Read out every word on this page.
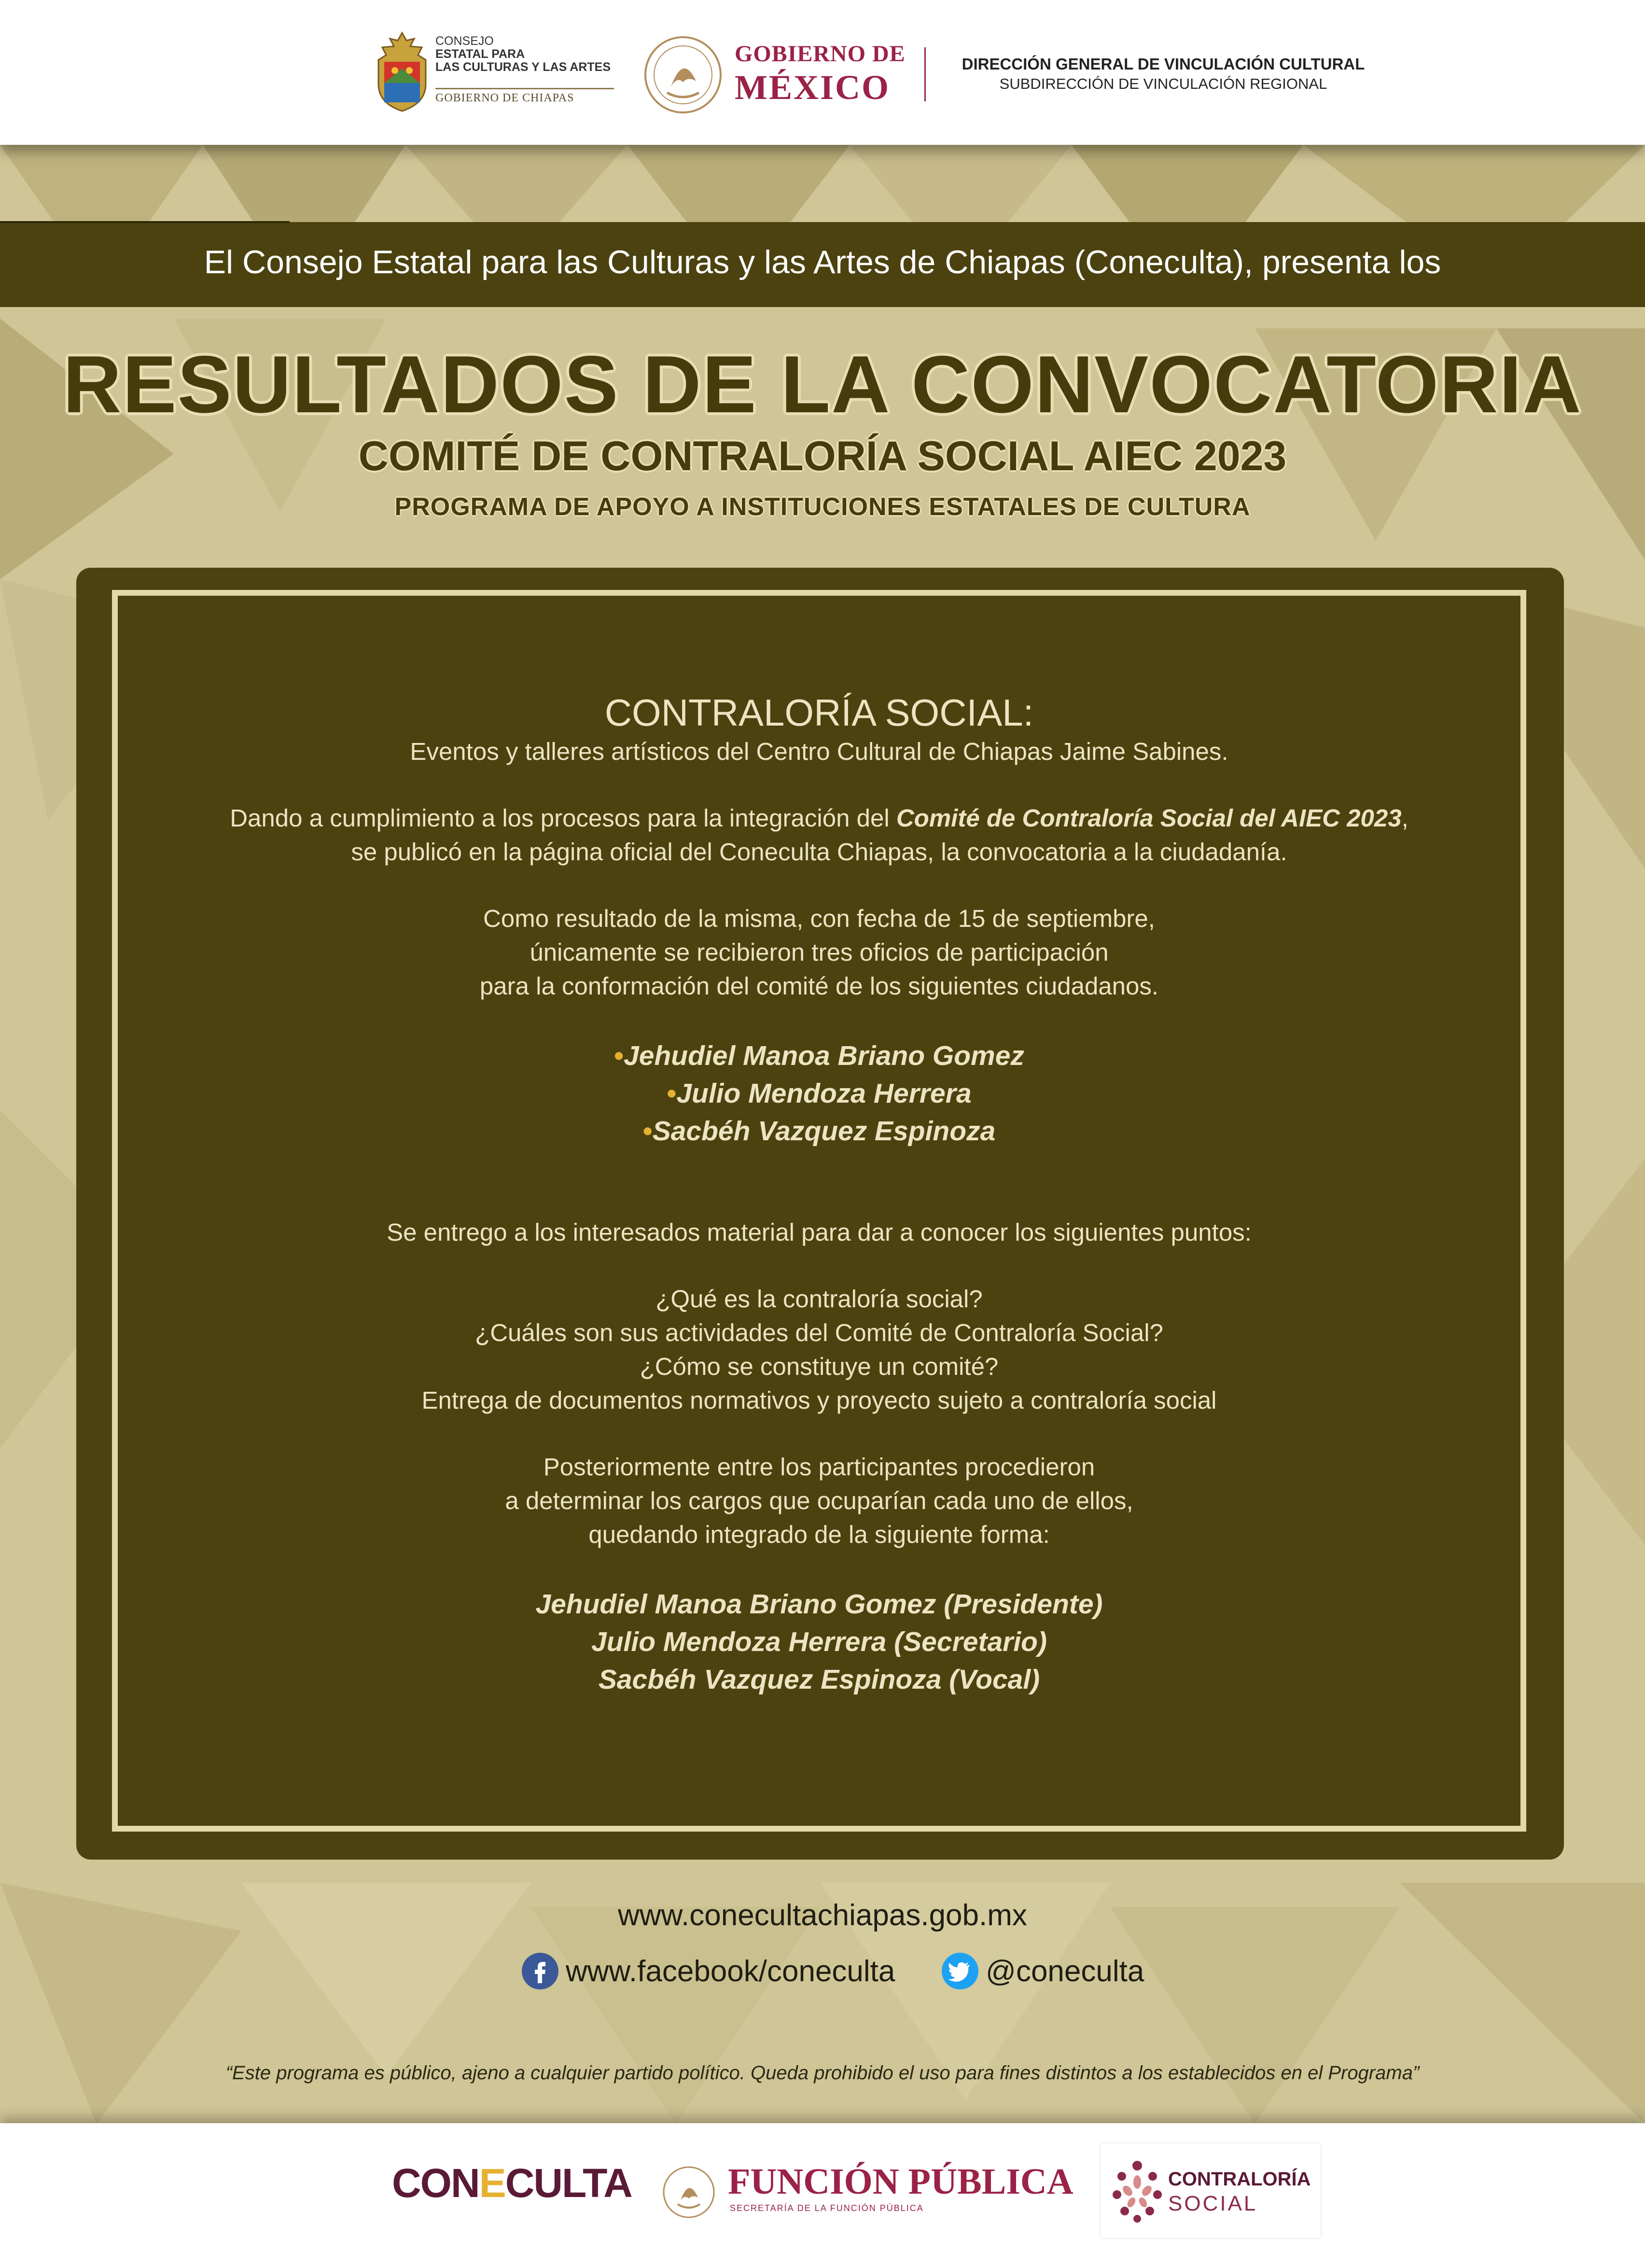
CONSEJO
ESTATAL PARA
LAS CULTURAS Y LAS ARTES
GOBIERNO DE CHIAPAS
GOBIERNO DE
MÉXICO
DIRECCIÓN GENERAL DE VINCULACIÓN CULTURAL
SUBDIRECCIÓN DE VINCULACIÓN REGIONAL
El Consejo Estatal para las Culturas y las Artes de Chiapas (Coneculta), presenta los
RESULTADOS DE LA CONVOCATORIA
COMITÉ DE CONTRALORÍA SOCIAL AIEC 2023
PROGRAMA DE APOYO A INSTITUCIONES ESTATALES DE CULTURA
CONTRALORÍA SOCIAL:
Eventos y talleres artísticos del Centro Cultural de Chiapas Jaime Sabines.
Dando a cumplimiento a los procesos para la integración del Comité de Contraloría Social del AIEC 2023,
se publicó en la página oficial del Coneculta Chiapas, la convocatoria a la ciudadanía.
Como resultado de la misma, con fecha de 15 de septiembre,
únicamente se recibieron tres oficios de participación
para la conformación del comité de los siguientes ciudadanos.
•Jehudiel Manoa Briano Gomez
•Julio Mendoza Herrera
•Sacbéh Vazquez Espinoza
Se entrego a los interesados material para dar a conocer los siguientes puntos:
¿Qué es la contraloría social?
¿Cuáles son sus actividades del Comité de Contraloría Social?
¿Cómo se constituye un comité?
Entrega de documentos normativos y proyecto sujeto a contraloría social
Posteriormente entre los participantes procedieron
a determinar los cargos que ocuparían cada uno de ellos,
quedando integrado de la siguiente forma:
Jehudiel Manoa Briano Gomez (Presidente)
Julio Mendoza Herrera (Secretario)
Sacbéh Vazquez Espinoza (Vocal)
www.conecultachiapas.gob.mx
www.facebook/coneculta	@coneculta
“Este programa es público, ajeno a cualquier partido político. Queda prohibido el uso para fines distintos a los establecidos en el Programa”
CONECULTA	FUNCIÓN PÚBLICA
SECRETARÍA DE LA FUNCIÓN PÚBLICA
CONTRALORÍA
SOCIAL
